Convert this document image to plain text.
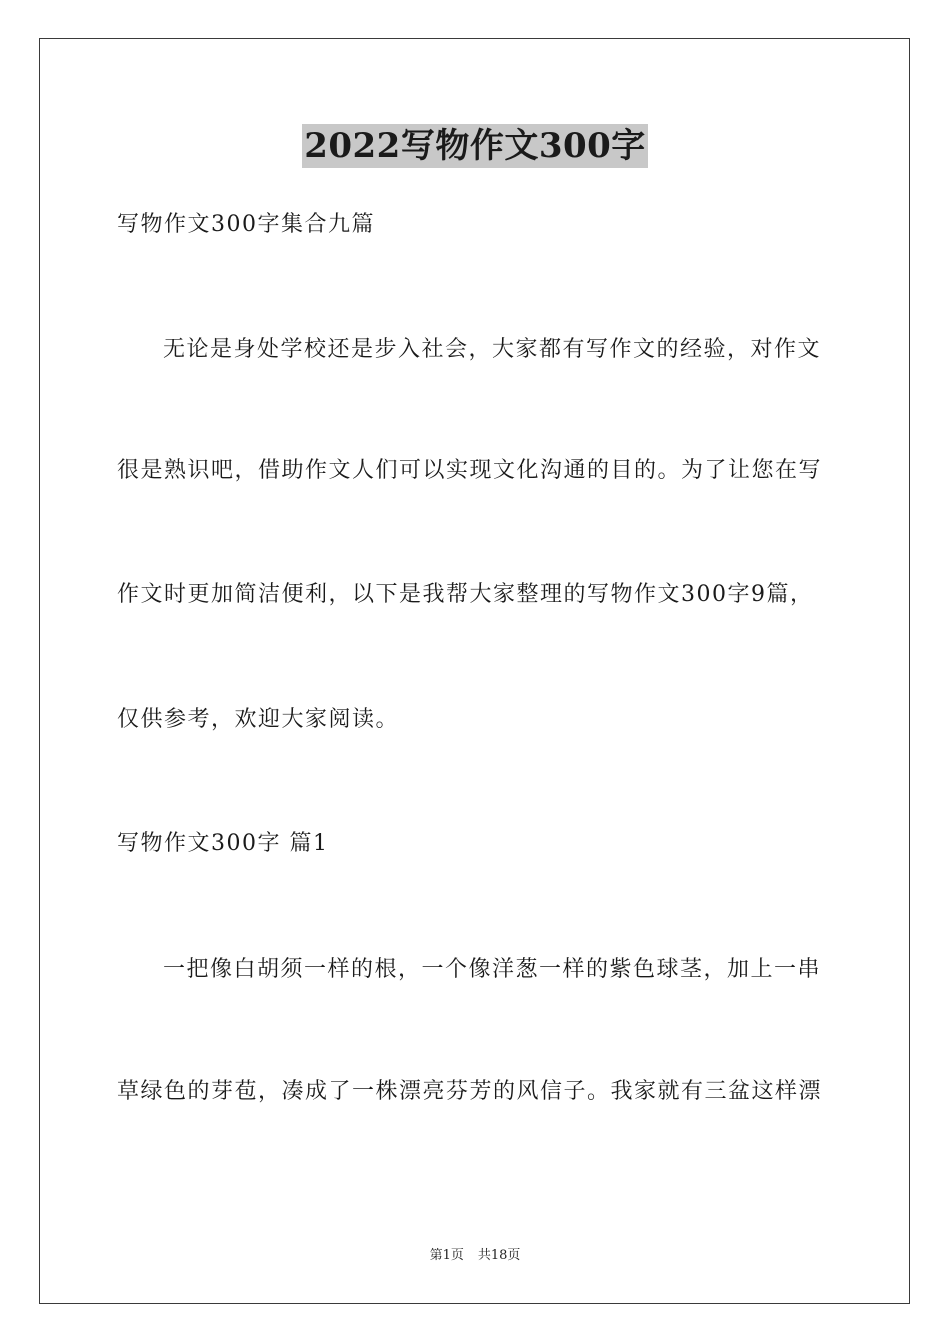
2022写物作文300字
写物作文300字集合九篇
无论是身处学校还是步入社会，大家都有写作文的经验，对作文
很是熟识吧，借助作文人们可以实现文化沟通的目的。为了让您在写
作文时更加简洁便利，以下是我帮大家整理的写物作文300字9篇，
仅供参考，欢迎大家阅读。
写物作文300字 篇1
一把像白胡须一样的根，一个像洋葱一样的紫色球茎，加上一串
草绿色的芽苞，凑成了一株漂亮芬芳的风信子。我家就有三盆这样漂
第1页 共18页
